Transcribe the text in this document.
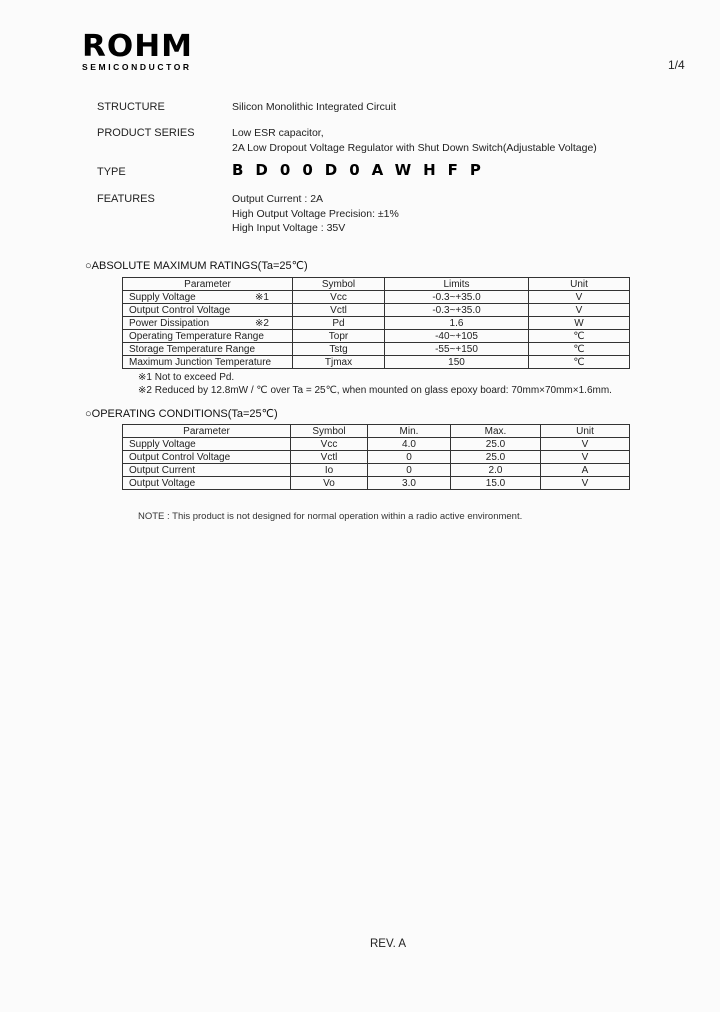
ROHM
SEMICONDUCTOR	1/4
STRUCTURE	Silicon Monolithic Integrated Circuit
PRODUCT SERIES	Low ESR capacitor,
2A Low Dropout Voltage Regulator with Shut Down Switch(Adjustable Voltage)
TYPE	BD00D0AWHFP
FEATURES	Output Current : 2A
High Output Voltage Precision: ±1%
High Input Voltage : 35V
○ABSOLUTE MAXIMUM RATINGS(Ta=25℃)
Parameter	Symbol	Limits	Unit
Supply Voltage ※1	Vcc	-0.3~+35.0	V
Output Control Voltage	Vctl	-0.3~+35.0	V
Power Dissipation ※2	Pd	1.6	W
Operating Temperature Range	Topr	-40~+105	℃
Storage Temperature Range	Tstg	-55~+150	℃
Maximum Junction Temperature	Tjmax	150	℃
※1 Not to exceed Pd.
※2 Reduced by 12.8mW / ℃ over Ta = 25℃, when mounted on glass epoxy board: 70mm×70mm×1.6mm.
○OPERATING CONDITIONS(Ta=25℃)
Parameter	Symbol	Min.	Max.	Unit
Supply Voltage	Vcc	4.0	25.0	V
Output Control Voltage	Vctl	0	25.0	V
Output Current	Io	0	2.0	A
Output Voltage	Vo	3.0	15.0	V
NOTE : This product is not designed for normal operation within a radio active environment.
REV. A
